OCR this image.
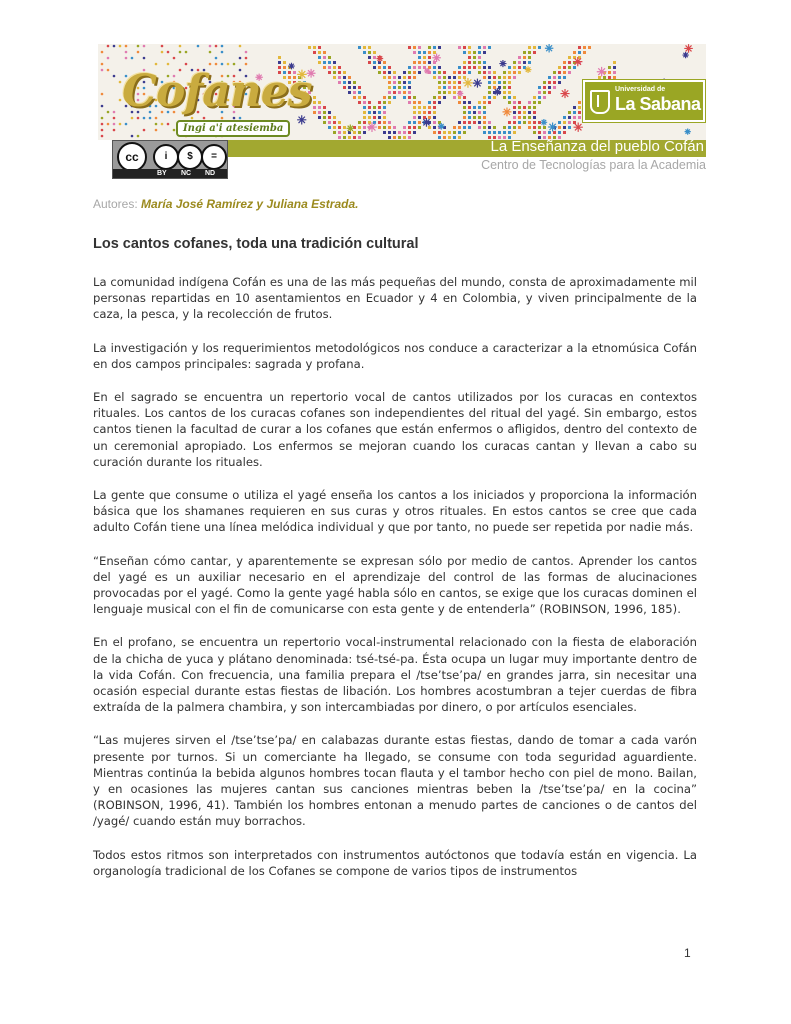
Cofanes
Ingi a'i atesiemba
Universidad de
La Sabana
cc	i	$	=
BY NC ND
La Enseñanza del pueblo Cofán
Centro de Tecnologías para la Academia
Autores: María José Ramírez y Juliana Estrada.
Los cantos cofanes, toda una tradición cultural

La comunidad indígena Cofán es una de las más pequeñas del mundo, consta de aproximadamente mil personas repartidas en 10 asentamientos en Ecuador y 4 en Colombia, y viven principalmente de la caza, la pesca, y la recolección de frutos.

La investigación y los requerimientos metodológicos nos conduce a caracterizar a la etnomúsica Cofán en dos campos principales: sagrada y profana.

En el sagrado se encuentra un repertorio vocal de cantos utilizados por los curacas en contextos rituales. Los cantos de los curacas cofanes son independientes del ritual del yagé. Sin embargo, estos cantos tienen la facultad de curar a los cofanes que están enfermos o afligidos, dentro del contexto de un ceremonial apropiado. Los enfermos se mejoran cuando los curacas cantan y llevan a cabo su curación durante los rituales.

La gente que consume o utiliza el yagé enseña los cantos a los iniciados y proporciona la información básica que los shamanes requieren en sus curas y otros rituales. En estos cantos se cree que cada adulto Cofán tiene una línea melódica individual y que por tanto, no puede ser repetida por nadie más.

“Enseñan cómo cantar, y aparentemente se expresan sólo por medio de cantos. Aprender los cantos del yagé es un auxiliar necesario en el aprendizaje del control de las formas de alucinaciones provocadas por el yagé. Como la gente yagé habla sólo en cantos, se exige que los curacas dominen el lenguaje musical con el fin de comunicarse con esta gente y de entenderla” (ROBINSON, 1996, 185).

En el profano, se encuentra un repertorio vocal-instrumental relacionado con la fiesta de elaboración de la chicha de yuca y plátano denominada: tsé-tsé-pa. Ésta ocupa un lugar muy importante dentro de la vida Cofán. Con frecuencia, una familia prepara el /tse’tse’pa/ en grandes jarra, sin necesitar una ocasión especial durante estas fiestas de libación. Los hombres acostumbran a tejer cuerdas de fibra extraída de la palmera chambira, y son intercambiadas por dinero, o por artículos esenciales.

“Las mujeres sirven el /tse’tse’pa/ en calabazas durante estas fiestas, dando de tomar a cada varón presente por turnos. Si un comerciante ha llegado, se consume con toda seguridad aguardiente. Mientras continúa la bebida algunos hombres tocan flauta y el tambor hecho con piel de mono. Bailan, y en ocasiones las mujeres cantan sus canciones mientras beben la /tse’tse’pa/ en la cocina” (ROBINSON, 1996, 41). También los hombres entonan a menudo partes de canciones o de cantos del /yagé/ cuando están muy borrachos.

Todos estos ritmos son interpretados con instrumentos autóctonos que todavía están en vigencia. La organología tradicional de los Cofanes se compone de varios tipos de instrumentos

1
